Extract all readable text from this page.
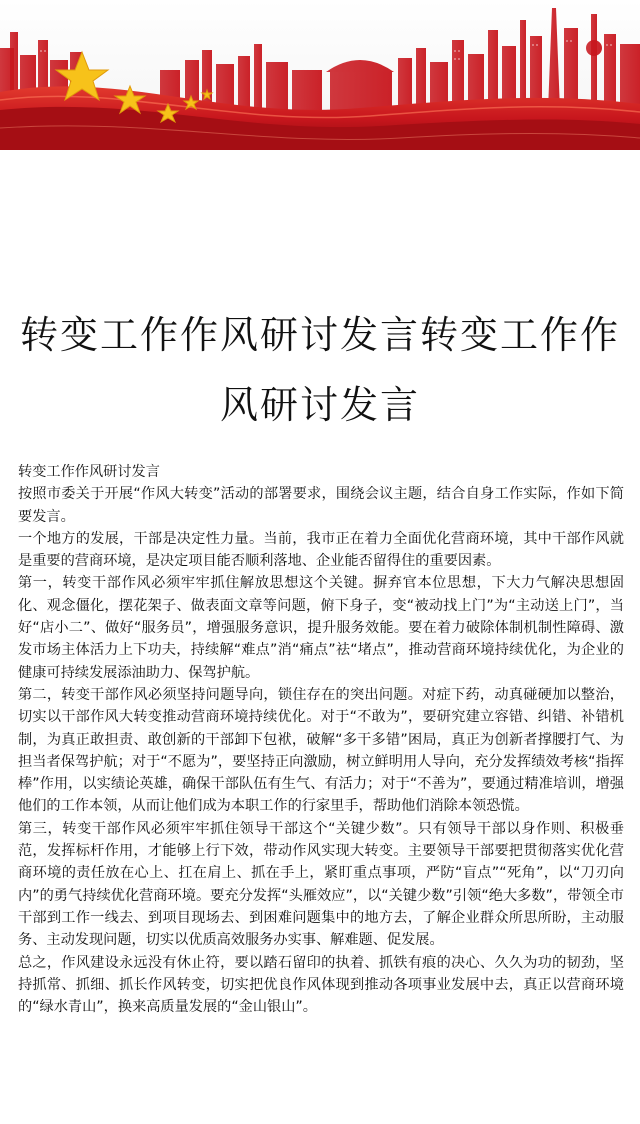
转变工作作风研讨发言转变工作作
风研讨发言

转变工作作风研讨发言

按照市委关于开展“作风大转变”活动的部署要求，围绕会议主题，结合自身工作实际，作如下简要发言。

一个地方的发展，干部是决定性力量。当前，我市正在着力全面优化营商环境，其中干部作风就是重要的营商环境，是决定项目能否顺利落地、企业能否留得住的重要因素。

第一，转变干部作风必须牢牢抓住解放思想这个关键。摒弃官本位思想，下大力气解决思想固化、观念僵化，摆花架子、做表面文章等问题，俯下身子，变“被动找上门”为“主动送上门”，当好“店小二”、做好“服务员”，增强服务意识，提升服务效能。要在着力破除体制机制性障碍、激发市场主体活力上下功夫，持续解“难点”消“痛点”祛“堵点”，推动营商环境持续优化，为企业的健康可持续发展添油助力、保驾护航。

第二，转变干部作风必须坚持问题导向，锁住存在的突出问题。对症下药，动真碰硬加以整治，切实以干部作风大转变推动营商环境持续优化。对于“不敢为”，要研究建立容错、纠错、补错机制，为真正敢担责、敢创新的干部卸下包袱，破解“多干多错”困局，真正为创新者撑腰打气、为担当者保驾护航；对于“不愿为”，要坚持正向激励，树立鲜明用人导向，充分发挥绩效考核“指挥棒”作用，以实绩论英雄，确保干部队伍有生气、有活力；对于“不善为”，要通过精准培训，增强他们的工作本领，从而让他们成为本职工作的行家里手，帮助他们消除本领恐慌。

第三，转变干部作风必须牢牢抓住领导干部这个“关键少数”。只有领导干部以身作则、积极垂范，发挥标杆作用，才能够上行下效，带动作风实现大转变。主要领导干部要把贯彻落实优化营商环境的责任放在心上、扛在肩上、抓在手上，紧盯重点事项，严防“盲点”“死角”，以“刀刃向内”的勇气持续优化营商环境。要充分发挥“头雁效应”，以“关键少数”引领“绝大多数”，带领全市干部到工作一线去、到项目现场去、到困难问题集中的地方去，了解企业群众所思所盼，主动服务、主动发现问题，切实以优质高效服务办实事、解难题、促发展。

总之，作风建设永远没有休止符，要以踏石留印的执着、抓铁有痕的决心、久久为功的韧劲，坚持抓常、抓细、抓长作风转变，切实把优良作风体现到推动各项事业发展中去，真正以营商环境的“绿水青山”，换来高质量发展的“金山银山”。
